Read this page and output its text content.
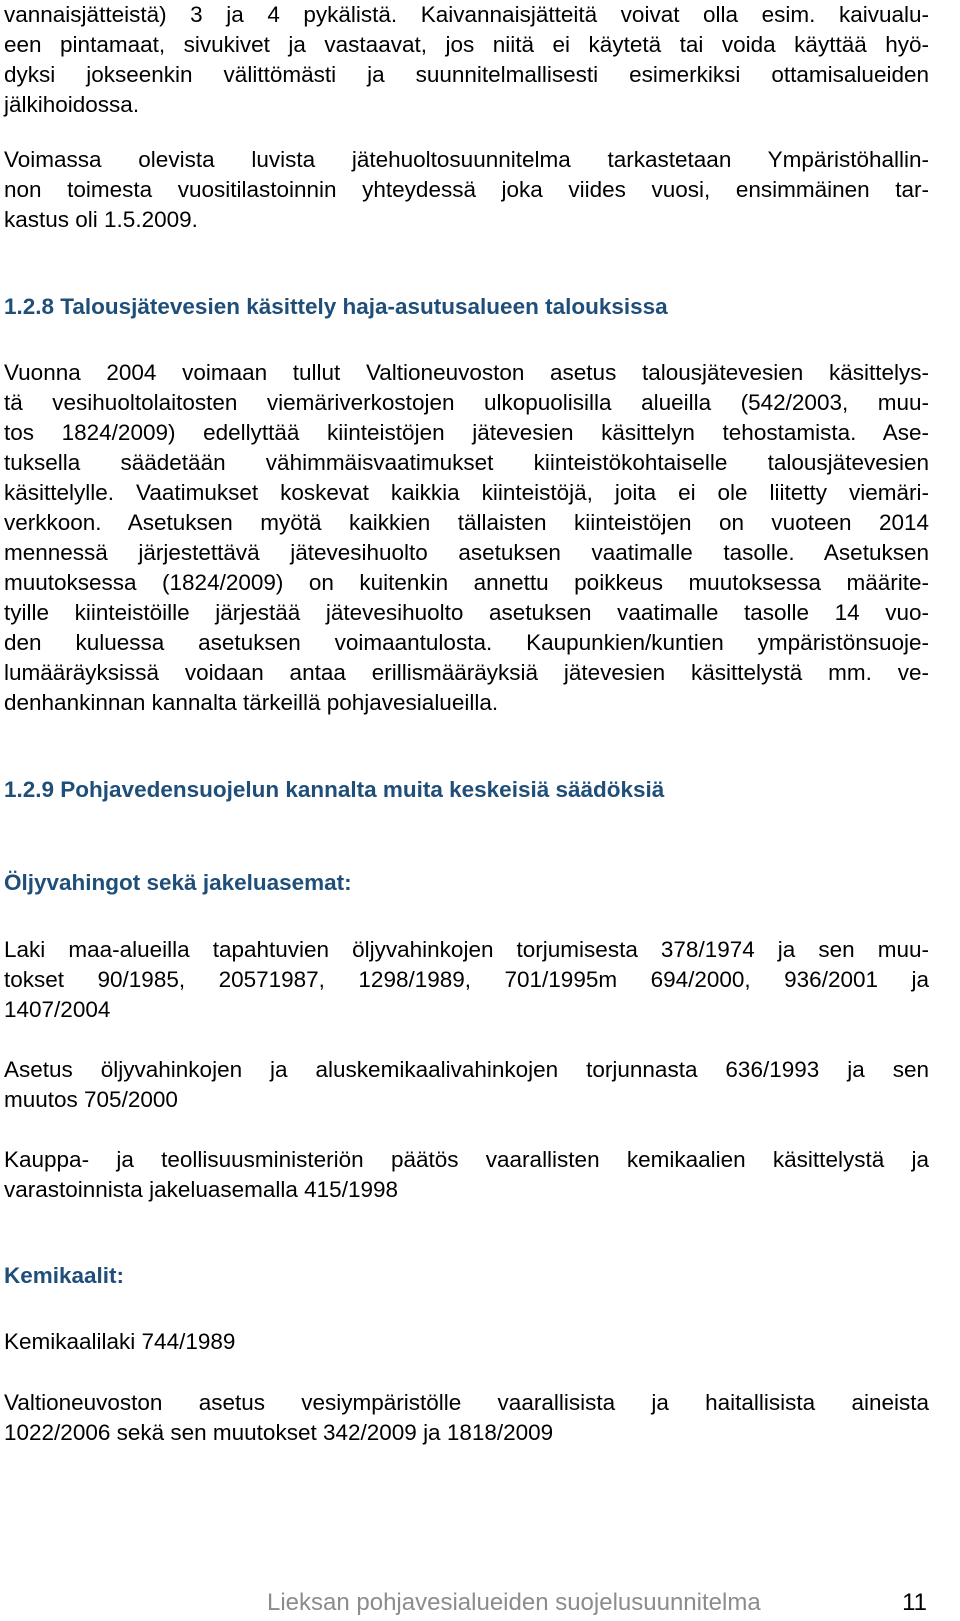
vannaisjätteistä) 3 ja 4 pykälistä. Kaivannaisjätteitä voivat olla esim. kaivualu-
een pintamaat, sivukivet ja vastaavat, jos niitä ei käytetä tai voida käyttää hyö-
dyksi jokseenkin välittömästi ja suunnitelmallisesti esimerkiksi ottamisalueiden
jälkihoidossa.
Voimassa olevista luvista jätehuoltosuunnitelma tarkastetaan Ympäristöhallin-
non toimesta vuositilastoinnin yhteydessä joka viides vuosi, ensimmäinen tar-
kastus oli 1.5.2009.
1.2.8 Talousjätevesien käsittely haja-asutusalueen talouksissa
Vuonna 2004 voimaan tullut Valtioneuvoston asetus talousjätevesien käsittelys-
tä vesihuoltolaitosten viemäriverkostojen ulkopuolisilla alueilla (542/2003, muu-
tos 1824/2009) edellyttää kiinteistöjen jätevesien käsittelyn tehostamista. Ase-
tuksella säädetään vähimmäisvaatimukset kiinteistökohtaiselle talousjätevesien
käsittelylle. Vaatimukset koskevat kaikkia kiinteistöjä, joita ei ole liitetty viemäri-
verkkoon. Asetuksen myötä kaikkien tällaisten kiinteistöjen on vuoteen 2014
mennessä järjestettävä jätevesihuolto asetuksen vaatimalle tasolle. Asetuksen
muutoksessa (1824/2009) on kuitenkin annettu poikkeus muutoksessa määrite-
tyille kiinteistöille järjestää jätevesihuolto asetuksen vaatimalle tasolle 14 vuo-
den kuluessa asetuksen voimaantulosta. Kaupunkien/kuntien ympäristönsuoje-
lumääräyksissä voidaan antaa erillismääräyksiä jätevesien käsittelystä mm. ve-
denhankinnan kannalta tärkeillä pohjavesialueilla.
1.2.9 Pohjavedensuojelun kannalta muita keskeisiä säädöksiä
Öljyvahingot sekä jakeluasemat:
Laki maa-alueilla tapahtuvien öljyvahinkojen torjumisesta 378/1974 ja sen muu-
tokset 90/1985, 20571987, 1298/1989, 701/1995m 694/2000, 936/2001 ja
1407/2004
Asetus öljyvahinkojen ja aluskemikaalivahinkojen torjunnasta 636/1993 ja sen
muutos 705/2000
Kauppa- ja teollisuusministeriön päätös vaarallisten kemikaalien käsittelystä ja
varastoinnista jakeluasemalla 415/1998
Kemikaalit:
Kemikaalilaki 744/1989
Valtioneuvoston asetus vesiympäristölle vaarallisista ja haitallisista aineista
1022/2006 sekä sen muutokset 342/2009 ja 1818/2009
Lieksan pohjavesialueiden suojelusuunnitelma	11
